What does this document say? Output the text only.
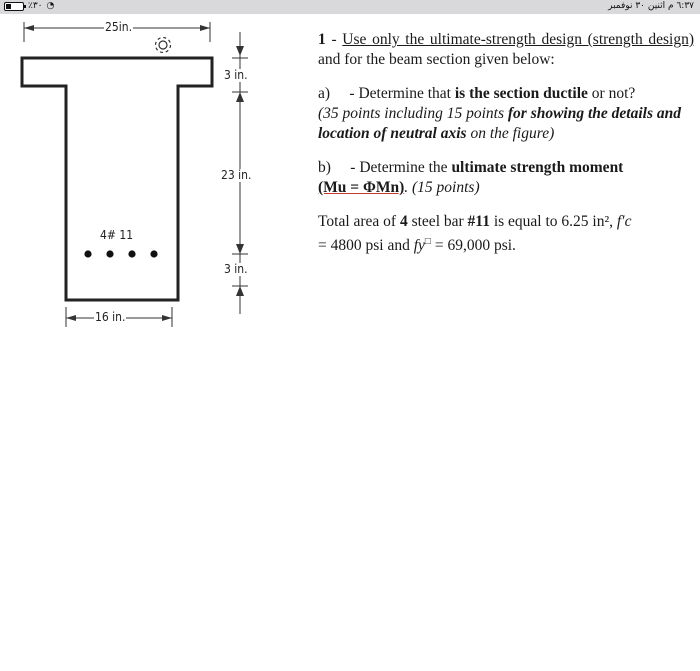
٪٣٠ ◔	٦:٣٧ م اثنين ٣٠ نوفمبر
25in.
3 in.
23 in.
3 in.
4# 11
16 in.

1 - Use only the ultimate-strength design (strength design) and for the beam section given below:

a) - Determine that is the section ductile or not?
(35 points including 15 points for showing the details and location of neutral axis on the figure)

b) - Determine the ultimate strength moment
(Mu = ΦMn). (15 points)

Total area of 4 steel bar #11 is equal to 6.25 in², f′c
= 4800 psi and fy□ = 69,000 psi.
